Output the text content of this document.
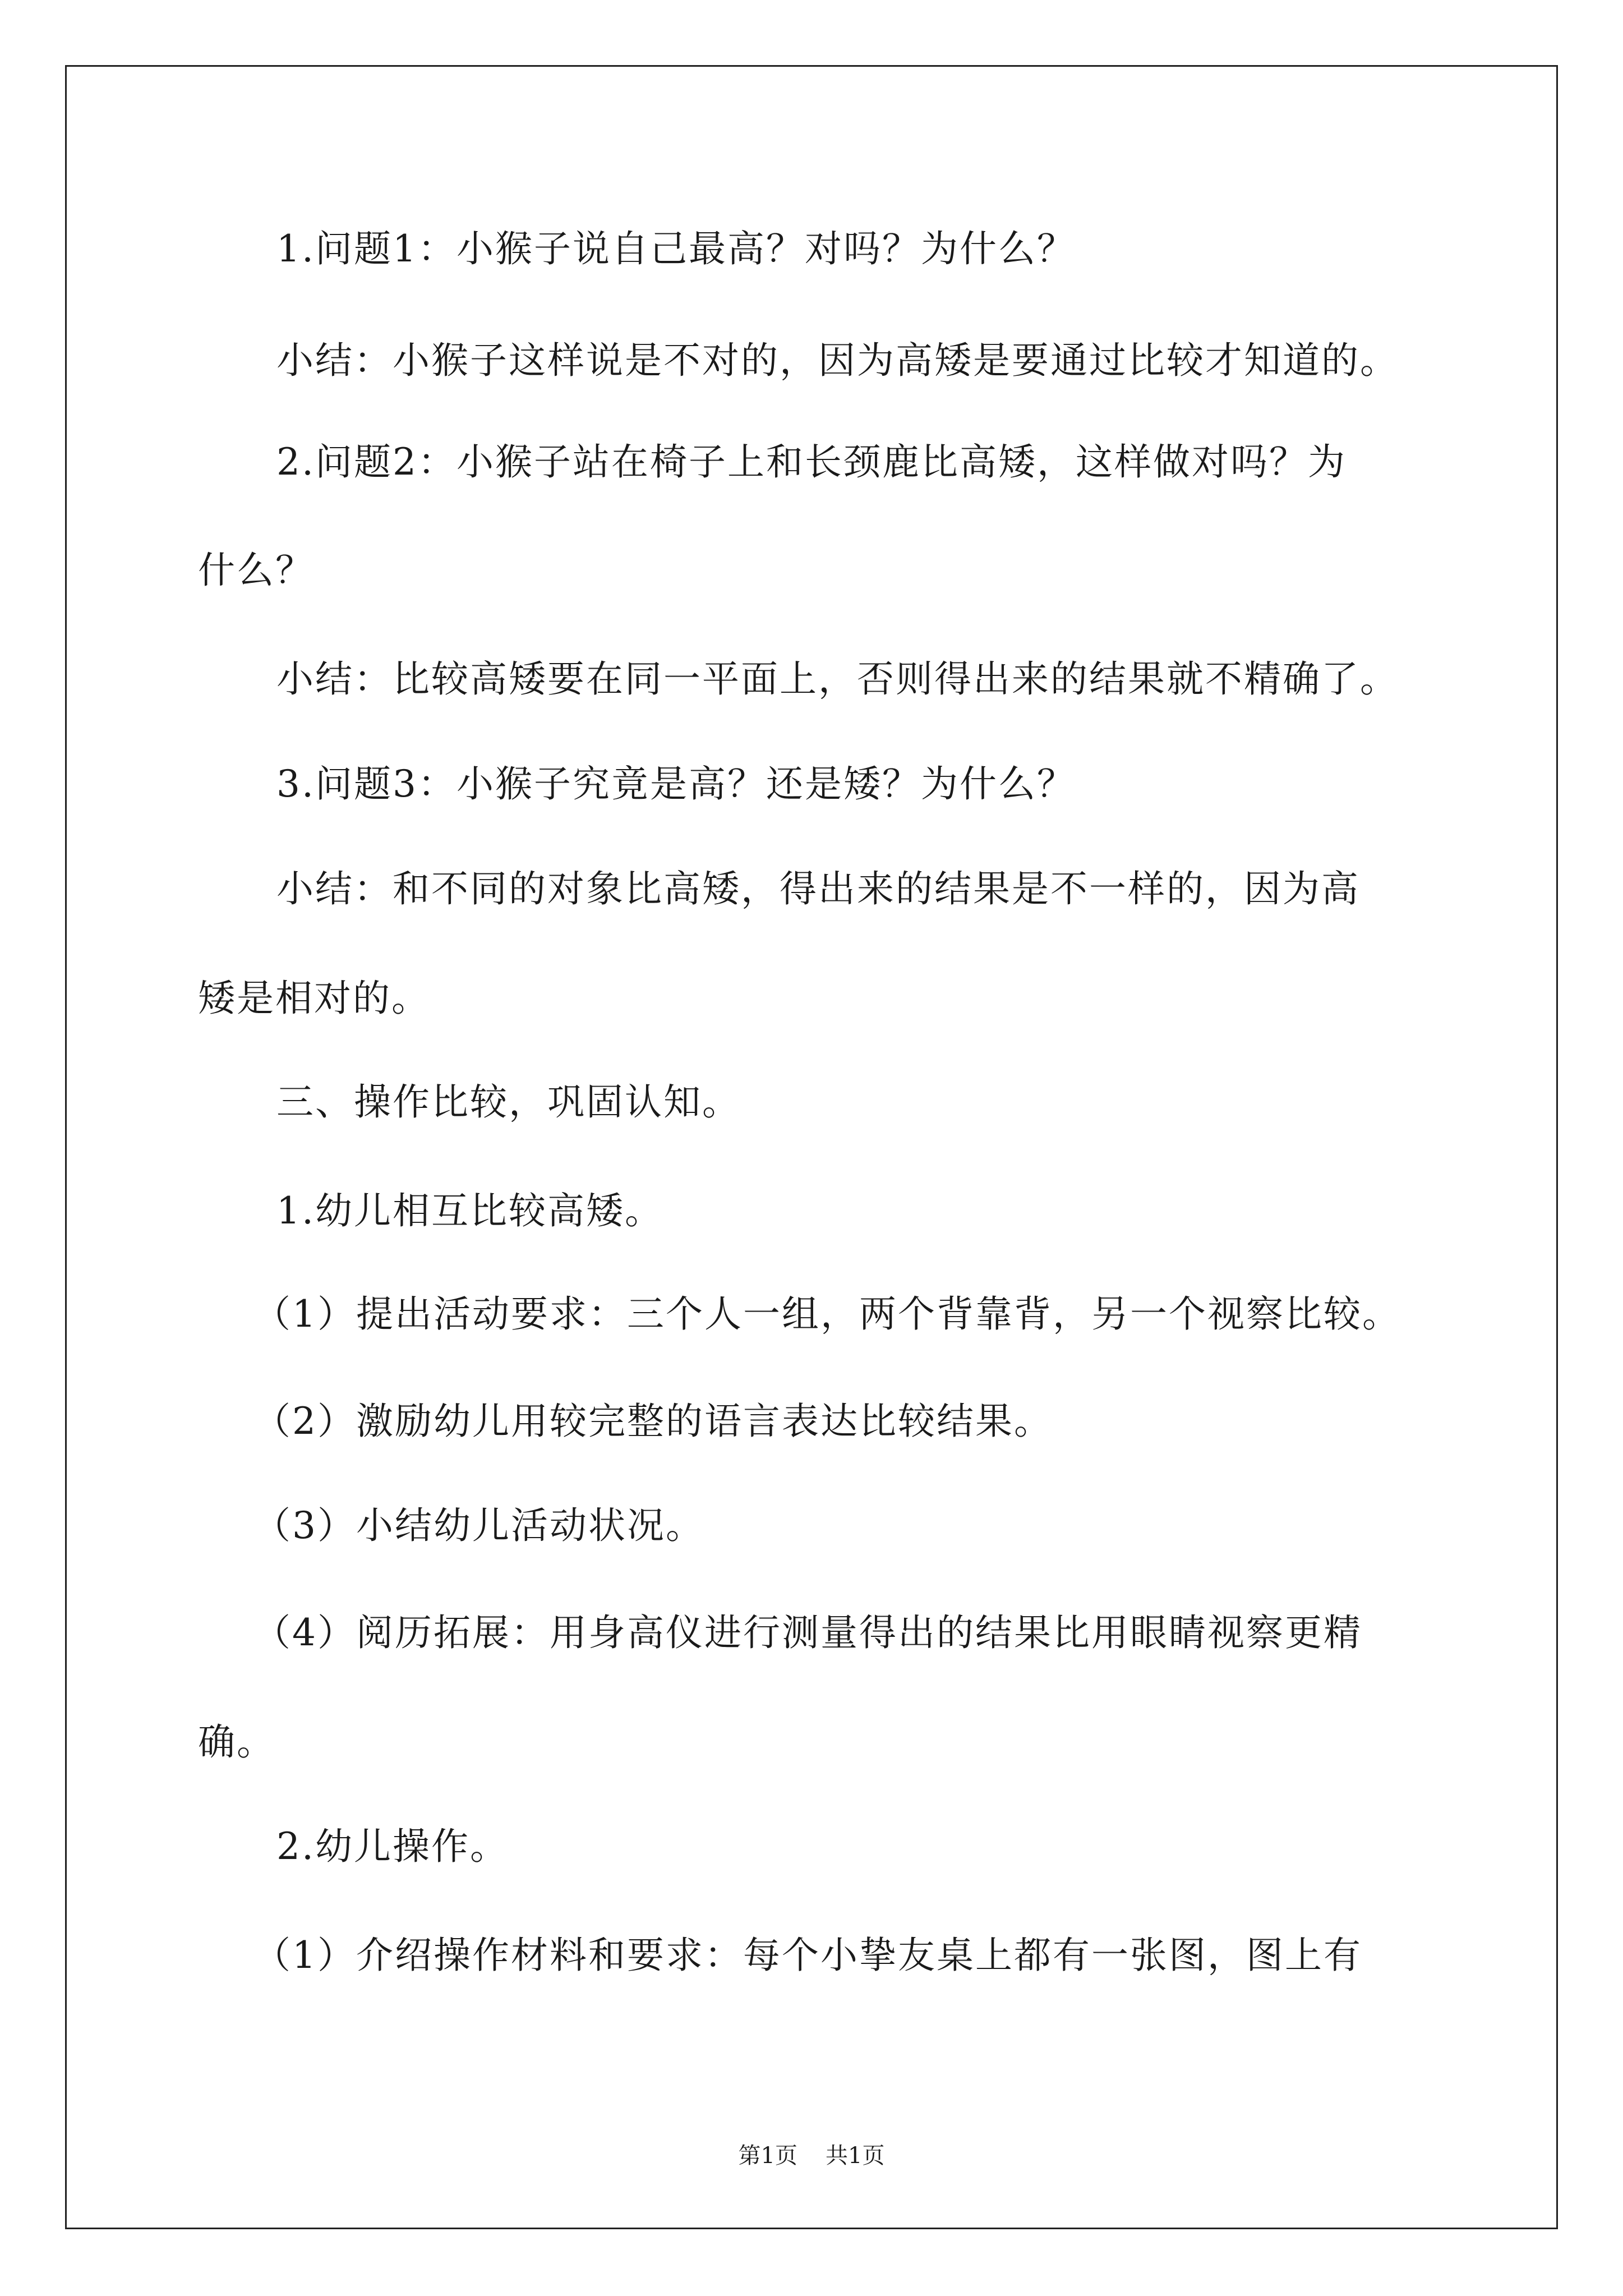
1.问题1：小猴子说自己最高？对吗？为什么？
小结：小猴子这样说是不对的，因为高矮是要通过比较才知道的。
2.问题2：小猴子站在椅子上和长颈鹿比高矮，这样做对吗？为
什么？
小结：比较高矮要在同一平面上，否则得出来的结果就不精确了。
3.问题3：小猴子究竟是高？还是矮？为什么？
小结：和不同的对象比高矮，得出来的结果是不一样的，因为高
矮是相对的。
三、操作比较，巩固认知。
1.幼儿相互比较高矮。
（1）提出活动要求：三个人一组，两个背靠背，另一个视察比较。
（2）激励幼儿用较完整的语言表达比较结果。
（3）小结幼儿活动状况。
（4）阅历拓展：用身高仪进行测量得出的结果比用眼睛视察更精
确。
2.幼儿操作。
（1）介绍操作材料和要求：每个小挚友桌上都有一张图，图上有
第1页 共1页
